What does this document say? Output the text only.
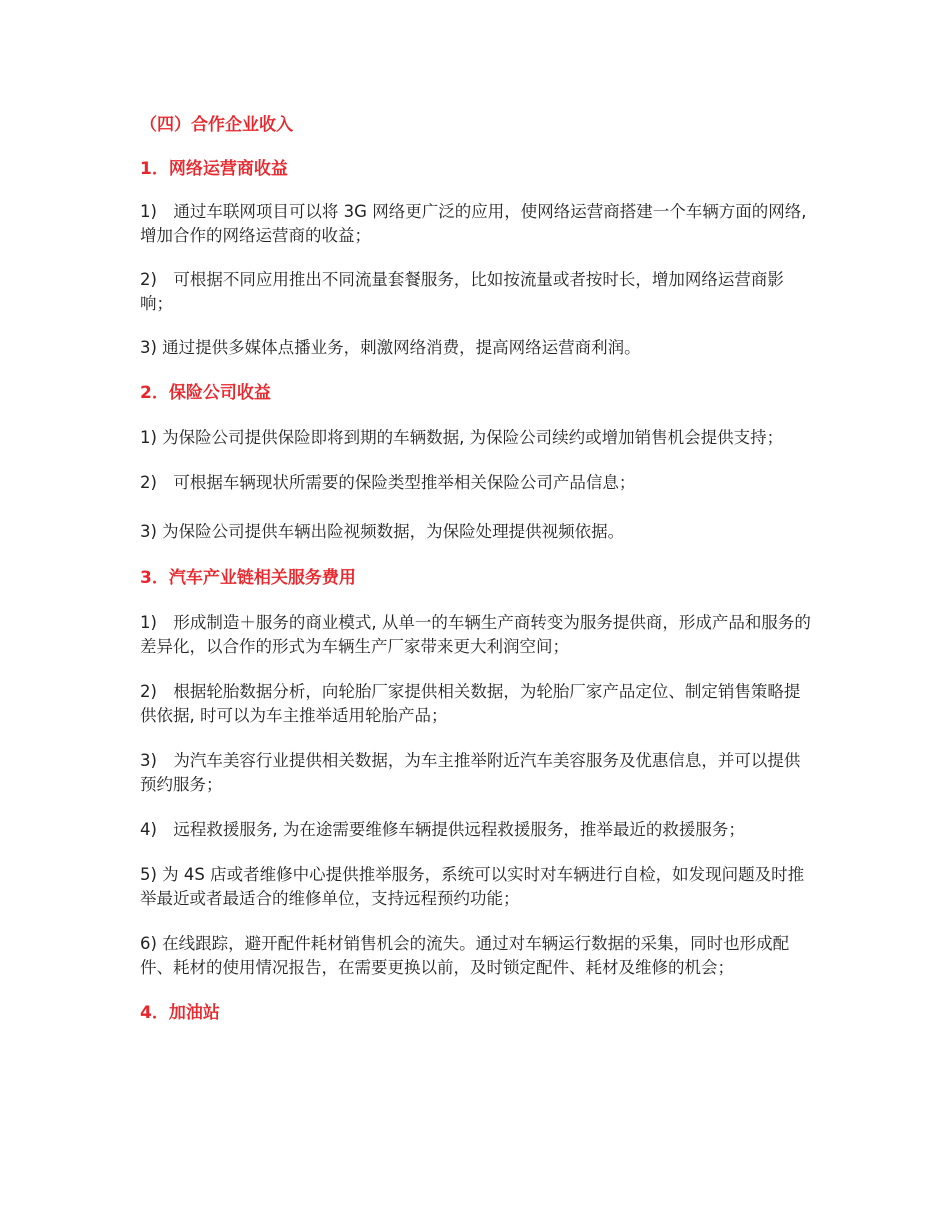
（四）合作企业收入
1．网络运营商收益

1)　通过车联网项目可以将 3G 网络更广泛的应用，使网络运营商搭建一个车辆方面的网络, 增加合作的网络运营商的收益；

2)　可根据不同应用推出不同流量套餐服务，比如按流量或者按时长，增加网络运营商影响；

3) 通过提供多媒体点播业务，刺激网络消费，提高网络运营商利润。

2．保险公司收益

1) 为保险公司提供保险即将到期的车辆数据, 为保险公司续约或增加销售机会提供支持；

2)　可根据车辆现状所需要的保险类型推举相关保险公司产品信息；

3) 为保险公司提供车辆出险视频数据，为保险处理提供视频依据。

3．汽车产业链相关服务费用

1)　形成制造＋服务的商业模式, 从单一的车辆生产商转变为服务提供商，形成产品和服务的差异化，以合作的形式为车辆生产厂家带来更大利润空间；

2)　根据轮胎数据分析，向轮胎厂家提供相关数据，为轮胎厂家产品定位、制定销售策略提供依据, 时可以为车主推举适用轮胎产品；

3)　为汽车美容行业提供相关数据，为车主推举附近汽车美容服务及优惠信息，并可以提供预约服务；

4)　远程救援服务, 为在途需要维修车辆提供远程救援服务，推举最近的救援服务；

5) 为 4S 店或者维修中心提供推举服务，系统可以实时对车辆进行自检，如发现问题及时推举最近或者最适合的维修单位，支持远程预约功能；

6) 在线跟踪，避开配件耗材销售机会的流失。通过对车辆运行数据的采集，同时也形成配件、耗材的使用情况报告，在需要更换以前，及时锁定配件、耗材及维修的机会；

4．加油站
